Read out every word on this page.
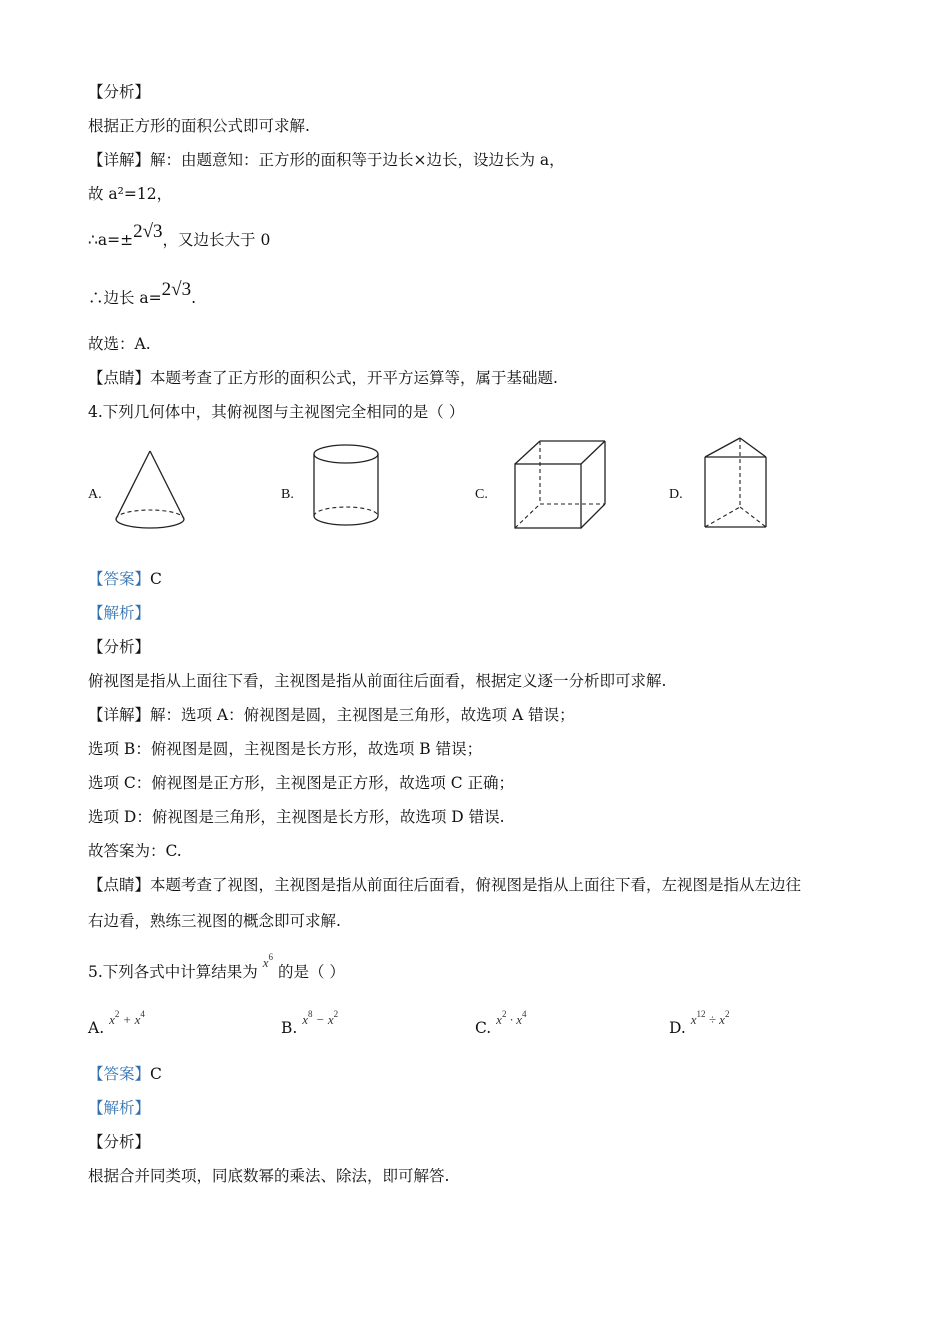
【分析】
根据正方形的面积公式即可求解.
【详解】解：由题意知：正方形的面积等于边长×边长，设边长为 a，
故 a²=12，
∴a=±2√3，又边长大于 0
∴边长 a=2√3.
故选：A.
【点睛】本题考查了正方形的面积公式，开平方运算等，属于基础题.
4.下列几何体中，其俯视图与主视图完全相同的是（ ）
A.	B.	C.	D.
【答案】C
【解析】
【分析】
俯视图是指从上面往下看，主视图是指从前面往后面看，根据定义逐一分析即可求解.
【详解】解：选项 A：俯视图是圆，主视图是三角形，故选项 A 错误；
选项 B：俯视图是圆，主视图是长方形，故选项 B 错误；
选项 C：俯视图是正方形，主视图是正方形，故选项 C 正确；
选项 D：俯视图是三角形，主视图是长方形，故选项 D 错误.
故答案为：C.
【点睛】本题考查了视图，主视图是指从前面往后面看，俯视图是指从上面往下看，左视图是指从左边往
右边看，熟练三视图的概念即可求解.
5.下列各式中计算结果为 $^{x^6}$ 的是（ ）
A. $^{x^2 + x^4}$
B. $^{x^8 - x^2}$
C. $^{x^2 \cdot x^4}$
D. $^{x^{12} \div x^2}$
【答案】C
【解析】
【分析】
根据合并同类项，同底数幂的乘法、除法，即可解答.
